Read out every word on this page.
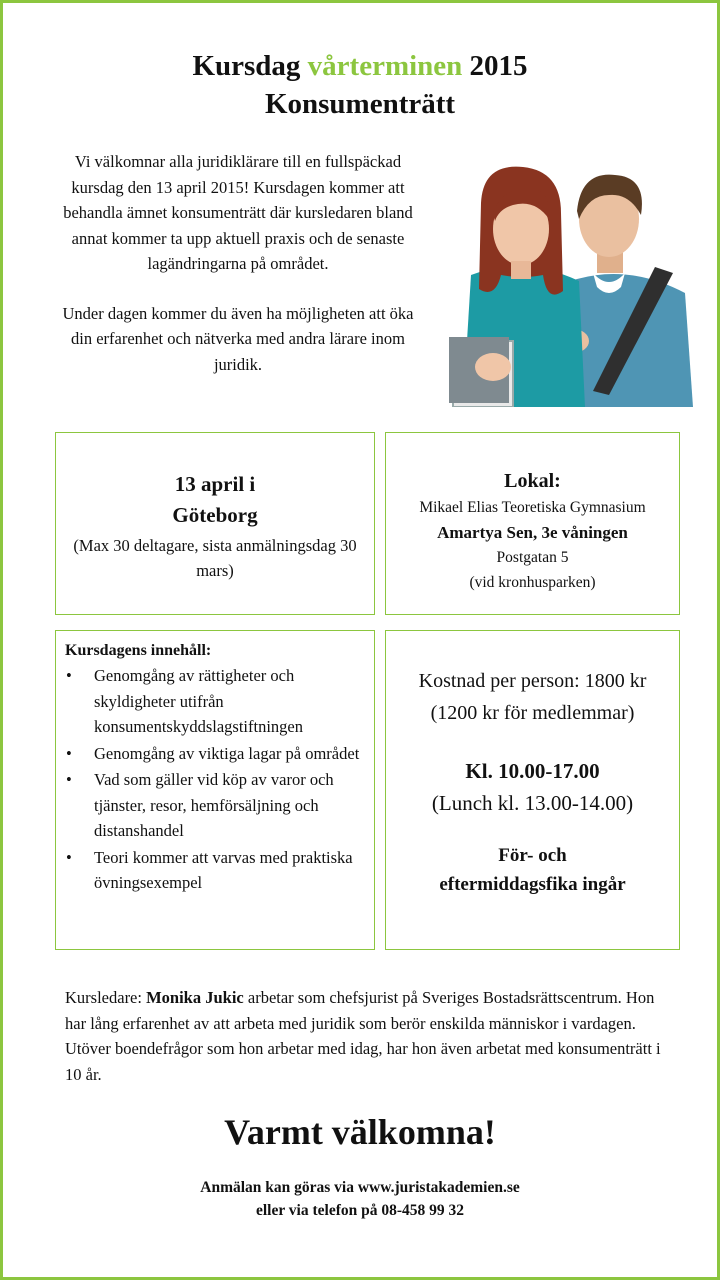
Kursdag vårterminen 2015
Konsumenträtt

Vi välkomnar alla juridiklärare till en fullspäckad kursdag den 13 april 2015! Kursdagen kommer att behandla ämnet konsumenträtt där kursledaren bland annat kommer ta upp aktuell praxis och de senaste lagändringarna på området.

Under dagen kommer du även ha möjligheten att öka din erfarenhet och nätverka med andra lärare inom juridik.

13 april i
Göteborg
(Max 30 deltagare, sista anmälningsdag 30 mars)
Lokal:
Mikael Elias Teoretiska Gymnasium
Amartya Sen, 3e våningen
Postgatan 5
(vid kronhusparken)
Kursdagens innehåll:
• Genomgång av rättigheter och skyldigheter utifrån konsumentskyddslagstiftningen
• Genomgång av viktiga lagar på området
• Vad som gäller vid köp av varor och tjänster, resor, hemförsäljning och distanshandel
• Teori kommer att varvas med praktiska övningsexempel
Kostnad per person: 1800 kr
(1200 kr för medlemmar)
Kl. 10.00-17.00
(Lunch kl. 13.00-14.00)
För- och
eftermiddagsfika ingår
Kursledare: Monika Jukic arbetar som chefsjurist på Sveriges Bostadsrättscentrum. Hon har lång erfarenhet av att arbeta med juridik som berör enskilda människor i vardagen. Utöver boendefrågor som hon arbetar med idag, har hon även arbetat med konsumenträtt i 10 år.
Varmt välkomna!
Anmälan kan göras via www.juristakademien.se
eller via telefon på 08-458 99 32
